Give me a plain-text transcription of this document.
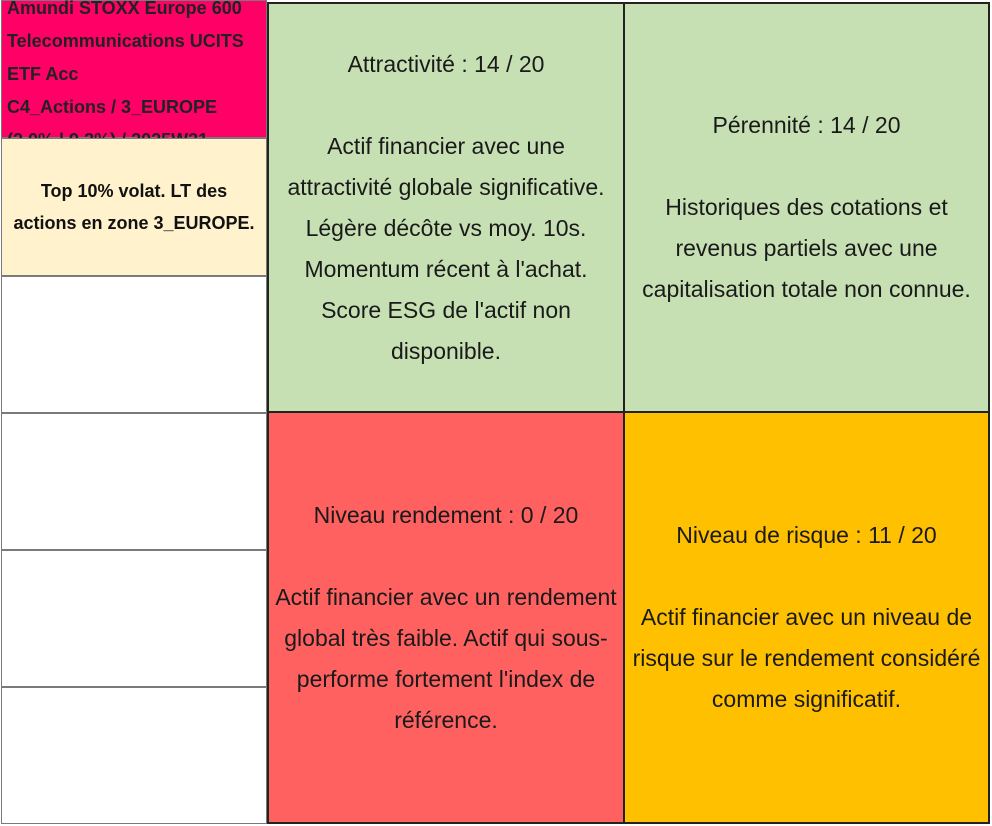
Amundi STOXX Europe 600
Telecommunications UCITS
ETF Acc
C4_Actions / 3_EUROPE
Top 10% volat. LT des actions en zone 3_EUROPE.
Attractivité : 14 / 20
Actif financier avec une attractivité globale significative. Légère décôte vs moy. 10s. Momentum récent à l'achat. Score ESG de l'actif non disponible.
Pérennité : 14 / 20
Historiques des cotations et revenus partiels avec une capitalisation totale non connue.
Niveau rendement : 0 / 20
Actif financier avec un rendement global très faible. Actif qui sous-performe fortement l'index de référence.
Niveau de risque : 11 / 20
Actif financier avec un niveau de risque sur le rendement considéré comme significatif.
